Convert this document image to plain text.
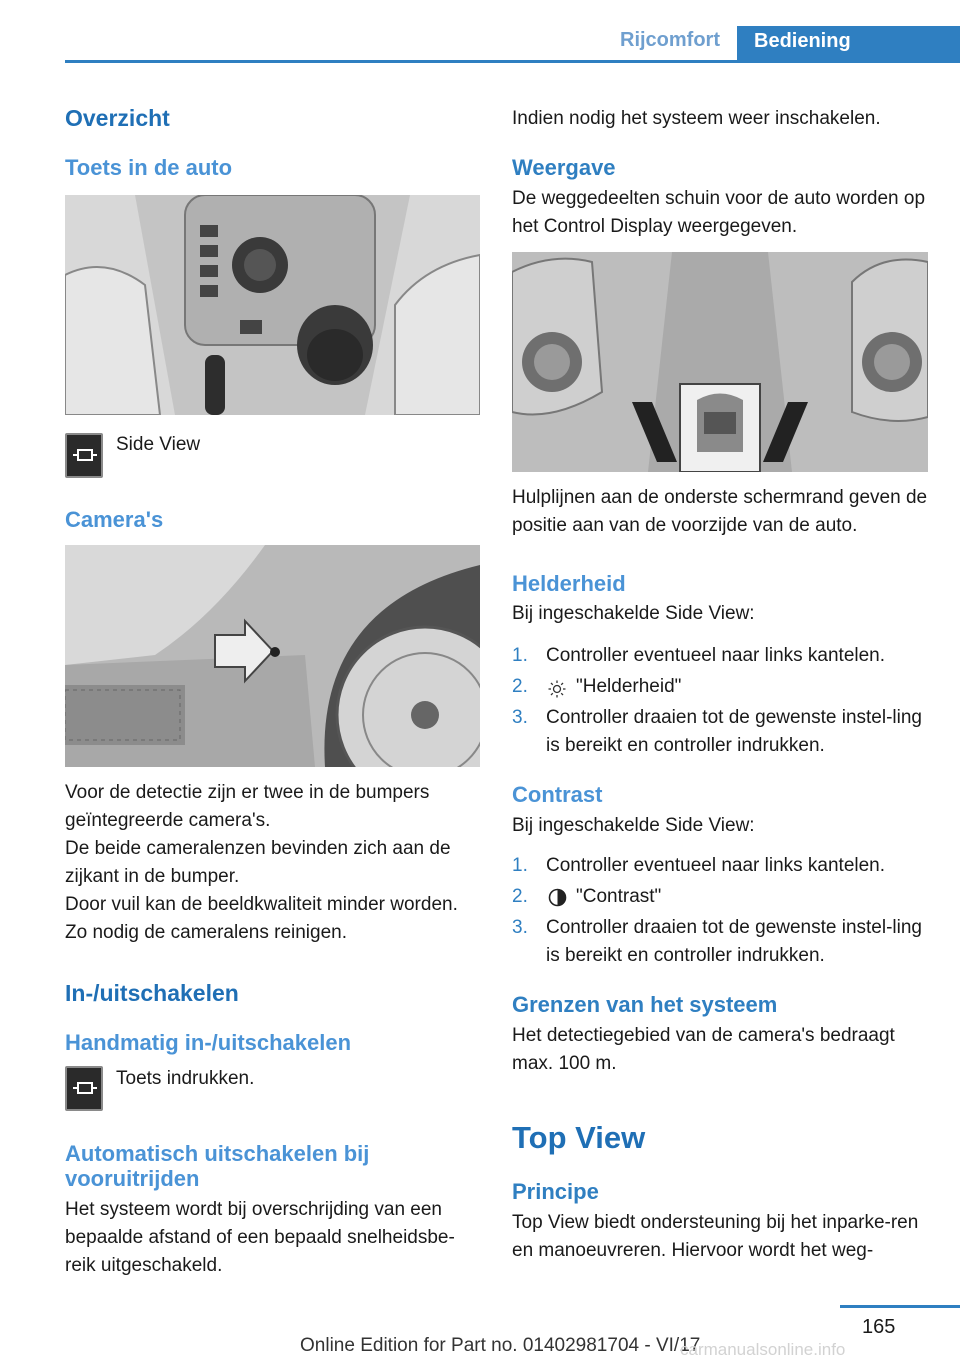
Rijcomfort	Bediening
Overzicht
Toets in de auto
Side View
Camera's

Voor de detectie zijn er twee in de bumpers geïntegreerde camera's.

De beide cameralenzen bevinden zich aan de zijkant in de bumper.

Door vuil kan de beeldkwaliteit minder worden. Zo nodig de cameralens reinigen.

In-/uitschakelen
Handmatig in-/uitschakelen
Toets indrukken.
Automatisch uitschakelen bij vooruitrijden

Het systeem wordt bij overschrijding van een bepaalde afstand of een bepaald snelheidsbe-reik uitgeschakeld.

Indien nodig het systeem weer inschakelen.

Weergave

De weggedeelten schuin voor de auto worden op het Control Display weergegeven.

Hulplijnen aan de onderste schermrand geven de positie aan van de voorzijde van de auto.

Helderheid

Bij ingeschakelde Side View:

1. Controller eventueel naar links kantelen.
2.	"Helderheid"
3. Controller draaien tot de gewenste instel-ling is bereikt en controller indrukken.
Contrast

Bij ingeschakelde Side View:

1. Controller eventueel naar links kantelen.
2.	"Contrast"
3. Controller draaien tot de gewenste instel-ling is bereikt en controller indrukken.
Grenzen van het systeem

Het detectiegebied van de camera's bedraagt max. 100 m.

Top View
Principe

Top View biedt ondersteuning bij het inparke-ren en manoeuvreren. Hiervoor wordt het weg-

165
Online Edition for Part no. 01402981704 - VI/17
carmanualsonline.info
